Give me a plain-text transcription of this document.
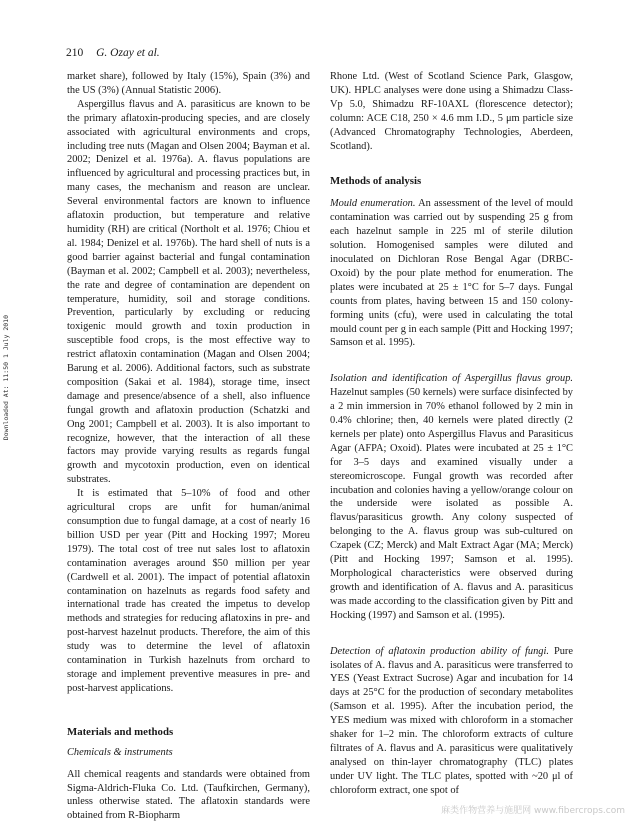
210 G. Ozay et al.
Downloaded At: 11:50 1 July 2010

market share), followed by Italy (15%), Spain (3%) and the US (3%) (Annual Statistic 2006).

Aspergillus flavus and A. parasiticus are known to be the primary aflatoxin-producing species, and are closely associated with agricultural environments and crops, including tree nuts (Magan and Olsen 2004; Bayman et al. 2002; Denizel et al. 1976a). A. flavus populations are influenced by agricultural and processing practices but, in many cases, the mechanism and reason are unclear. Several environmental factors are known to influence aflatoxin production, but temperature and relative humidity (RH) are critical (Northolt et al. 1976; Chiou et al. 1984; Denizel et al. 1976b). The hard shell of nuts is a good barrier against bacterial and fungal contamination (Bayman et al. 2002; Campbell et al. 2003); nevertheless, the rate and degree of contamination are dependent on temperature, humidity, soil and storage conditions. Prevention, particularly by excluding or reducing toxigenic mould growth and toxin production in susceptible food crops, is the most effective way to restrict aflatoxin contamination (Magan and Olsen 2004; Barung et al. 2006). Additional factors, such as substrate composition (Sakai et al. 1984), storage time, insect damage and presence/absence of a shell, also influence fungal growth and aflatoxin production (Schatzki and Ong 2001; Campbell et al. 2003). It is also important to recognize, however, that the interaction of all these factors may provide varying results as regards fungal growth and mycotoxin production, even on identical substrates.

It is estimated that 5–10% of food and other agricultural crops are unfit for human/animal consumption due to fungal damage, at a cost of nearly 16 billion USD per year (Pitt and Hocking 1997; Moreu 1979). The total cost of tree nut sales lost to aflatoxin contamination averages around $50 million per year (Cardwell et al. 2001). The impact of potential aflatoxin contamination on hazelnuts as regards food safety and international trade has created the impetus to develop methods and strategies for reducing aflatoxins in pre- and post-harvest hazelnut products. Therefore, the aim of this study was to determine the level of aflatoxin contamination in Turkish hazelnuts from orchard to storage and implement preventive measures in pre- and post-harvest applications.

Materials and methods
Chemicals & instruments

All chemical reagents and standards were obtained from Sigma-Aldrich-Fluka Co. Ltd. (Taufkirchen, Germany), unless otherwise stated. The aflatoxin standards were obtained from R-Biopharm

Rhone Ltd. (West of Scotland Science Park, Glasgow, UK). HPLC analyses were done using a Shimadzu Class-Vp 5.0, Shimadzu RF-10AXL (florescence detector); column: ACE C18, 250 × 4.6 mm I.D., 5 μm particle size (Advanced Chromatography Technologies, Aberdeen, Scotland).

Methods of analysis

Mould enumeration. An assessment of the level of mould contamination was carried out by suspending 25 g from each hazelnut sample in 225 ml of sterile dilution solution. Homogenised samples were diluted and inoculated on Dichloran Rose Bengal Agar (DRBC-Oxoid) by the pour plate method for enumeration. The plates were incubated at 25 ± 1°C for 5–7 days. Fungal counts from plates, having between 15 and 150 colony-forming units (cfu), were used in calculating the total mould count per g in each sample (Pitt and Hocking 1997; Samson et al. 1995).

Isolation and identification of Aspergillus flavus group. Hazelnut samples (50 kernels) were surface disinfected by a 2 min immersion in 70% ethanol followed by 2 min in 0.4% chlorine; then, 40 kernels were plated directly (2 kernels per plate) onto Aspergillus Flavus and Parasiticus Agar (AFPA; Oxoid). Plates were incubated at 25 ± 1°C for 3–5 days and examined visually under a stereomicroscope. Fungal growth was recorded after incubation and colonies having a yellow/orange colour on the underside were isolated as possible A. flavus/parasiticus growth. Any colony suspected of belonging to the A. flavus group was sub-cultured on Czapek (CZ; Merck) and Malt Extract Agar (MA; Merck) (Pitt and Hocking 1997; Samson et al. 1995). Morphological characteristics were observed during growth and identification of A. flavus and A. parasiticus was made according to the classification given by Pitt and Hocking (1997) and Samson et al. (1995).

Detection of aflatoxin production ability of fungi. Pure isolates of A. flavus and A. parasiticus were transferred to YES (Yeast Extract Sucrose) Agar and incubation for 14 days at 25°C for the production of secondary metabolites (Samson et al. 1995). After the incubation period, the YES medium was mixed with chloroform in a stomacher shaker for 1–2 min. The chloroform extracts of culture filtrates of A. flavus and A. parasiticus were qualitatively analysed on thin-layer chromatography (TLC) plates under UV light. The TLC plates, spotted with ~20 μl of chloroform extract, one spot of

麻类作物营养与施肥网 www.fibercrops.com
